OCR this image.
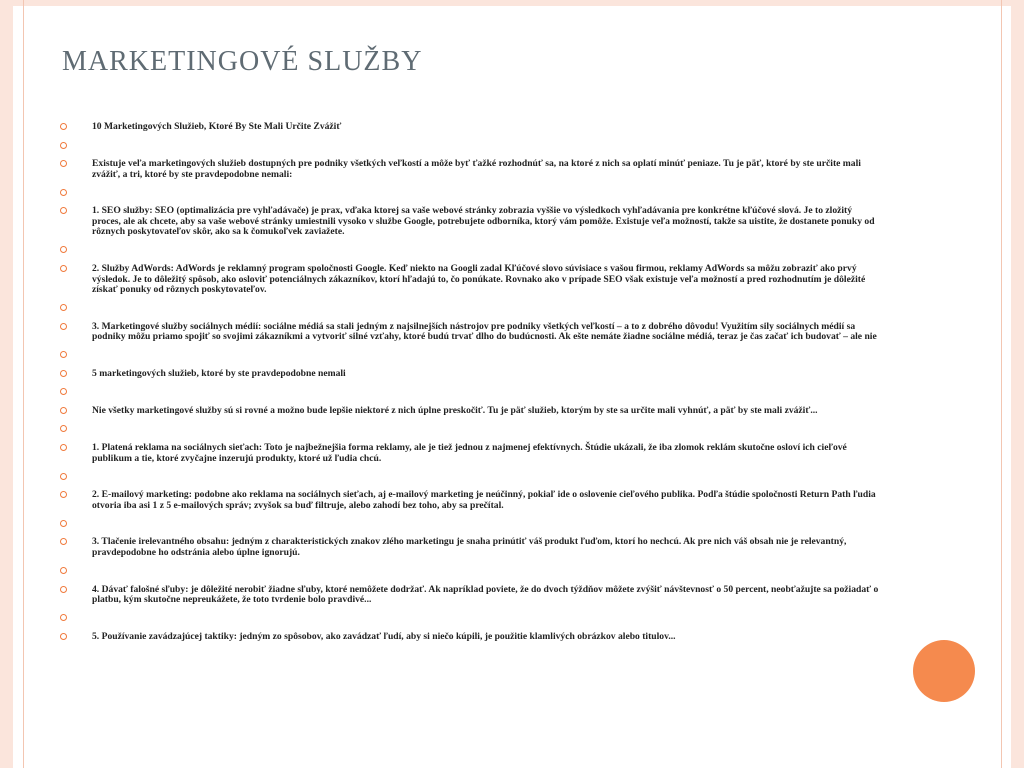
MARKETINGOVÉ SLUŽBY
10 Marketingových Služieb, Ktoré By Ste Mali Určite Zvážiť
Existuje veľa marketingových služieb dostupných pre podniky všetkých veľkostí a môže byť ťažké rozhodnúť sa, na ktoré z nich sa oplatí minúť peniaze. Tu je päť, ktoré by ste určite mali zvážiť, a tri, ktoré by ste pravdepodobne nemali:
1. SEO služby: SEO (optimalizácia pre vyhľadávače) je prax, vďaka ktorej sa vaše webové stránky zobrazia vyššie vo výsledkoch vyhľadávania pre konkrétne kľúčové slová. Je to zložitý proces, ale ak chcete, aby sa vaše webové stránky umiestnili vysoko v službe Google, potrebujete odborníka, ktorý vám pomôže. Existuje veľa možností, takže sa uistite, že dostanete ponuky od rôznych poskytovateľov skôr, ako sa k čomukoľvek zaviažete.
2. Služby AdWords: AdWords je reklamný program spoločnosti Google. Keď niekto na Googli zadal Kľúčové slovo súvisiace s vašou firmou, reklamy AdWords sa môžu zobraziť ako prvý výsledok. Je to dôležitý spôsob, ako osloviť potenciálnych zákazníkov, ktorí hľadajú to, čo ponúkate. Rovnako ako v prípade SEO však existuje veľa možností a pred rozhodnutím je dôležité získať ponuky od rôznych poskytovateľov.
3. Marketingové služby sociálnych médií: sociálne médiá sa stali jedným z najsilnejších nástrojov pre podniky všetkých veľkostí – a to z dobrého dôvodu! Využitím sily sociálnych médií sa podniky môžu priamo spojiť so svojimi zákazníkmi a vytvoriť silné vzťahy, ktoré budú trvať dlho do budúcnosti. Ak ešte nemáte žiadne sociálne médiá, teraz je čas začať ich budovať – ale nie
5 marketingových služieb, ktoré by ste pravdepodobne nemali
Nie všetky marketingové služby sú si rovné a možno bude lepšie niektoré z nich úplne preskočiť. Tu je päť služieb, ktorým by ste sa určite mali vyhnúť, a päť by ste mali zvážiť...
1. Platená reklama na sociálnych sieťach: Toto je najbežnejšia forma reklamy, ale je tiež jednou z najmenej efektívnych. Štúdie ukázali, že iba zlomok reklám skutočne osloví ich cieľové publikum a tie, ktoré zvyčajne inzerujú produkty, ktoré už ľudia chcú.
2. E-mailový marketing: podobne ako reklama na sociálnych sieťach, aj e-mailový marketing je neúčinný, pokiaľ ide o oslovenie cieľového publika. Podľa štúdie spoločnosti Return Path ľudia otvoria iba asi 1 z 5 e-mailových správ; zvyšok sa buď filtruje, alebo zahodí bez toho, aby sa prečítal.
3. Tlačenie irelevantného obsahu: jedným z charakteristických znakov zlého marketingu je snaha prinútiť váš produkt ľuďom, ktorí ho nechcú. Ak pre nich váš obsah nie je relevantný, pravdepodobne ho odstránia alebo úplne ignorujú.
4. Dávať falošné sľuby: je dôležité nerobiť žiadne sľuby, ktoré nemôžete dodržať. Ak napríklad poviete, že do dvoch týždňov môžete zvýšiť návštevnosť o 50 percent, neobťažujte sa požiadať o platbu, kým skutočne nepreukážete, že toto tvrdenie bolo pravdivé...
5. Používanie zavádzajúcej taktiky: jedným zo spôsobov, ako zavádzať ľudí, aby si niečo kúpili, je použitie klamlivých obrázkov alebo titulov...
